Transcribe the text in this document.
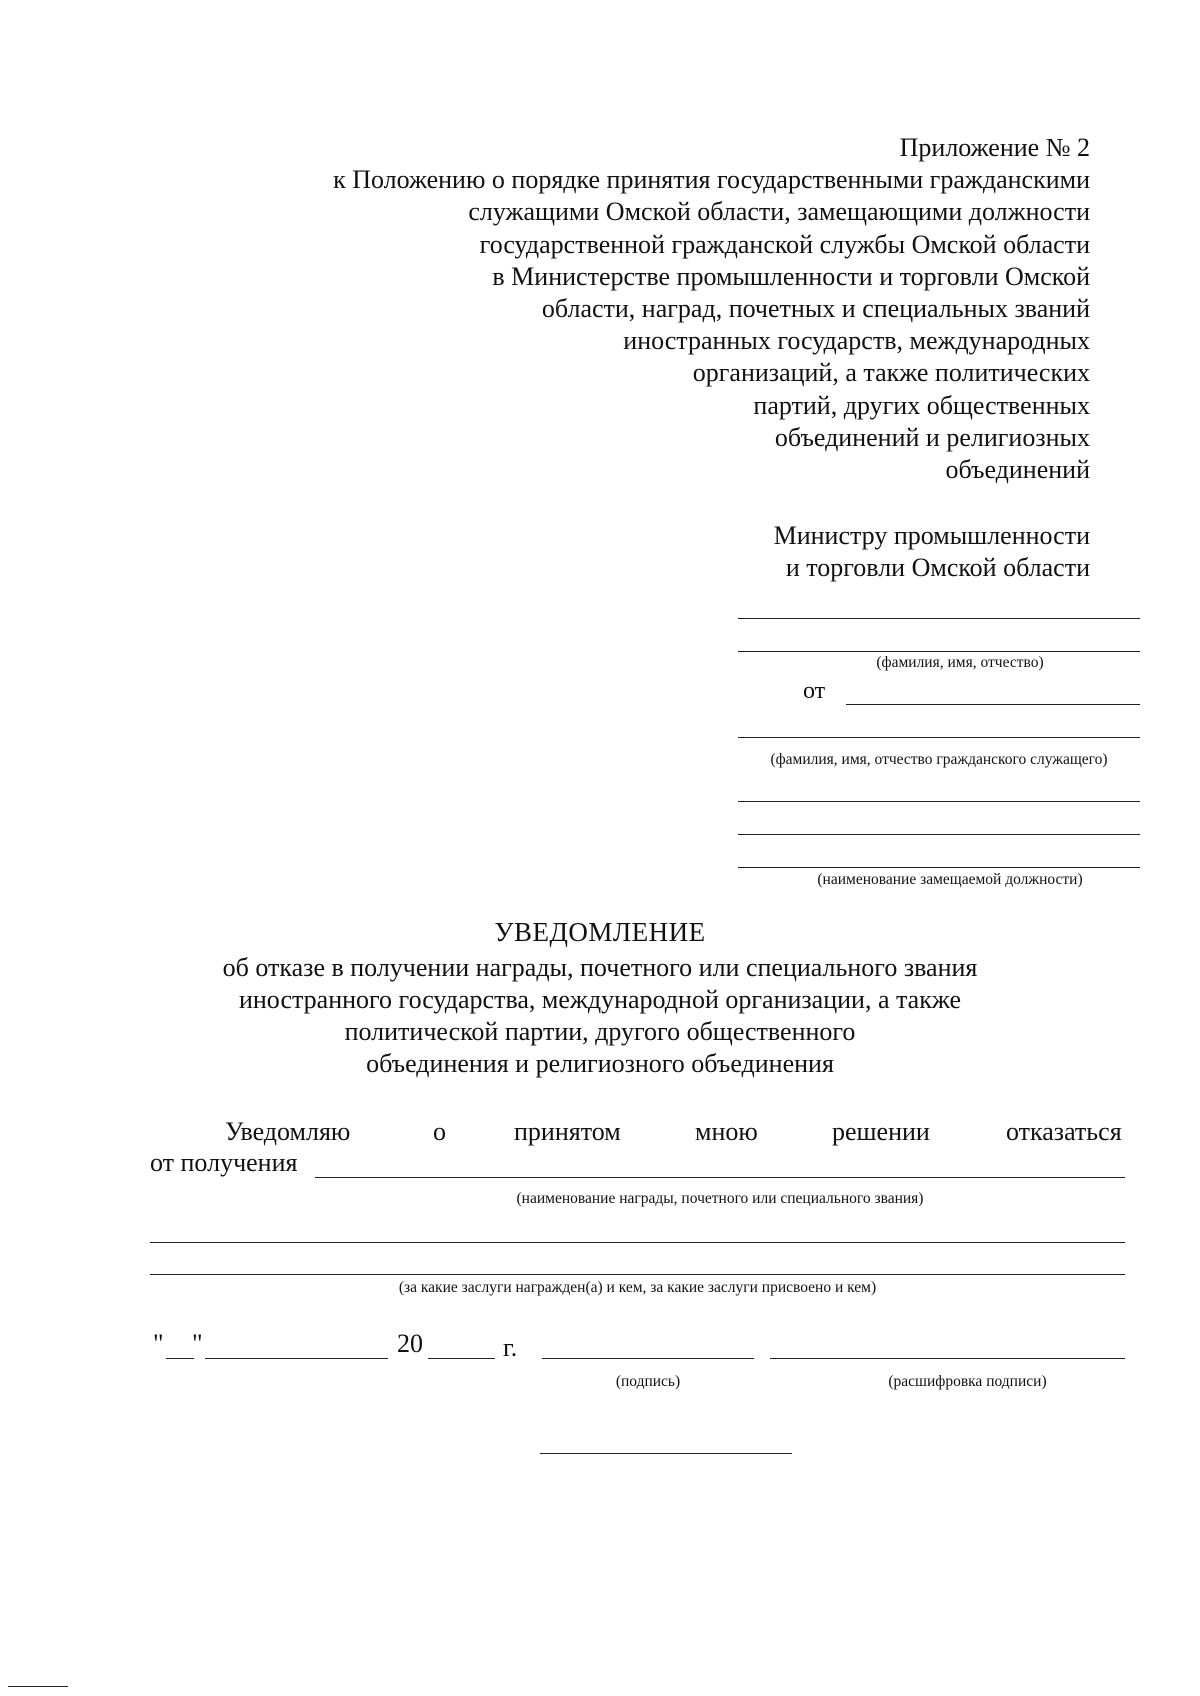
Приложение № 2
к Положению о порядке принятия государственными гражданскими
служащими Омской области, замещающими должности
государственной гражданской службы Омской области
в Министерстве промышленности и торговли Омской
области, наград, почетных и специальных званий
иностранных государств, международных
организаций, а также политических
партий, других общественных
объединений и религиозных
объединений
Министру промышленности
и торговли Омской области
(фамилия, имя, отчество)
от
(фамилия, имя, отчество гражданского служащего)
(наименование замещаемой должности)
УВЕДОМЛЕНИЕ
об отказе в получении награды, почетного или специального звания
иностранного государства, международной организации, а также
политической партии, другого общественного
объединения и религиозного объединения
Уведомляю	о	принятом	мною	решении	отказаться
от получения
(наименование награды, почетного или специального звания)
(за какие заслуги награжден(а) и кем, за какие заслуги присвоено и кем)
" "	20	г.
(подпись)	(расшифровка подписи)
